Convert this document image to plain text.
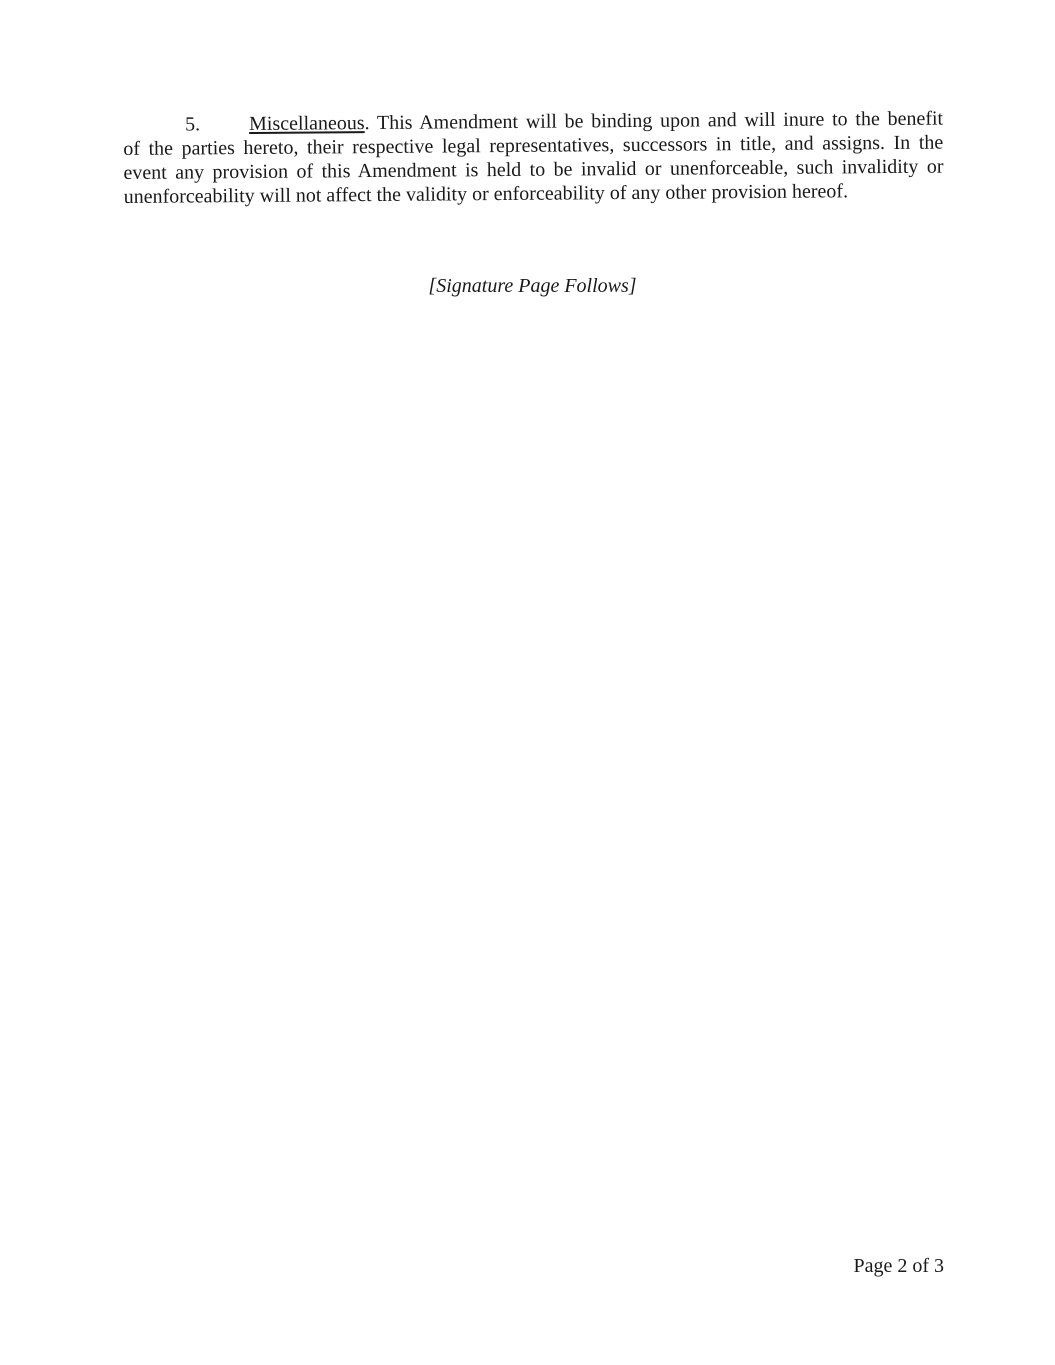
5. Miscellaneous. This Amendment will be binding upon and will inure to the benefit
of the parties hereto, their respective legal representatives, successors in title, and assigns. In the
event any provision of this Amendment is held to be invalid or unenforceable, such invalidity or
unenforceability will not affect the validity or enforceability of any other provision hereof.
[Signature Page Follows]
Page 2 of 3
